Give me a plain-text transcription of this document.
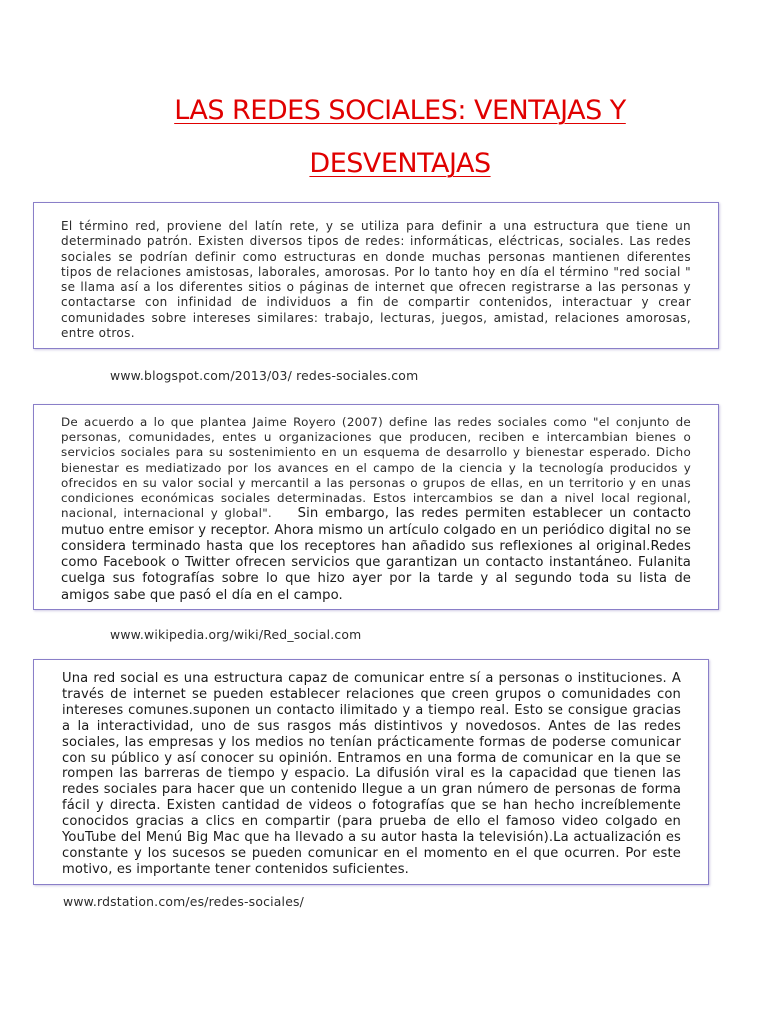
LAS REDES SOCIALES: VENTAJAS Y DESVENTAJAS

El término red, proviene del latín rete, y se utiliza para definir a una estructura que tiene un determinado patrón. Existen diversos tipos de redes: informáticas, eléctricas, sociales. Las redes sociales se podrían definir como estructuras en donde muchas personas mantienen diferentes tipos de relaciones amistosas, laborales, amorosas. Por lo tanto hoy en día el término "red social " se llama así a los diferentes sitios o páginas de internet que ofrecen registrarse a las personas y contactarse con infinidad de individuos a fin de compartir contenidos, interactuar y crear comunidades sobre intereses similares: trabajo, lecturas, juegos, amistad, relaciones amorosas, entre otros.

www.blogspot.com/2013/03/ redes-sociales.com

De acuerdo a lo que plantea Jaime Royero (2007) define las redes sociales como "el conjunto de personas, comunidades, entes u organizaciones que producen, reciben e intercambian bienes o servicios sociales para su sostenimiento en un esquema de desarrollo y bienestar esperado. Dicho bienestar es mediatizado por los avances en el campo de la ciencia y la tecnología producidos y ofrecidos en su valor social y mercantil a las personas o grupos de ellas, en un territorio y en unas condiciones económicas sociales determinadas. Estos intercambios se dan a nivel local regional, nacional, internacional y global". Sin embargo, las redes permiten establecer un contacto mutuo entre emisor y receptor. Ahora mismo un artículo colgado en un periódico digital no se considera terminado hasta que los receptores han añadido sus reflexiones al original.Redes como Facebook o Twitter ofrecen servicios que garantizan un contacto instantáneo. Fulanita cuelga sus fotografías sobre lo que hizo ayer por la tarde y al segundo toda su lista de amigos sabe que pasó el día en el campo.

www.wikipedia.org/wiki/Red_social.com

Una red social es una estructura capaz de comunicar entre sí a personas o instituciones. A través de internet se pueden establecer relaciones que creen grupos o comunidades con intereses comunes.suponen un contacto ilimitado y a tiempo real. Esto se consigue gracias a la interactividad, uno de sus rasgos más distintivos y novedosos. Antes de las redes sociales, las empresas y los medios no tenían prácticamente formas de poderse comunicar con su público y así conocer su opinión. Entramos en una forma de comunicar en la que se rompen las barreras de tiempo y espacio. La difusión viral es la capacidad que tienen las redes sociales para hacer que un contenido llegue a un gran número de personas de forma fácil y directa. Existen cantidad de videos o fotografías que se han hecho increíblemente conocidos gracias a clics en compartir (para prueba de ello el famoso video colgado en YouTube del Menú Big Mac que ha llevado a su autor hasta la televisión).La actualización es constante y los sucesos se pueden comunicar en el momento en el que ocurren. Por este motivo, es importante tener contenidos suficientes.

www.rdstation.com/es/redes-sociales/
